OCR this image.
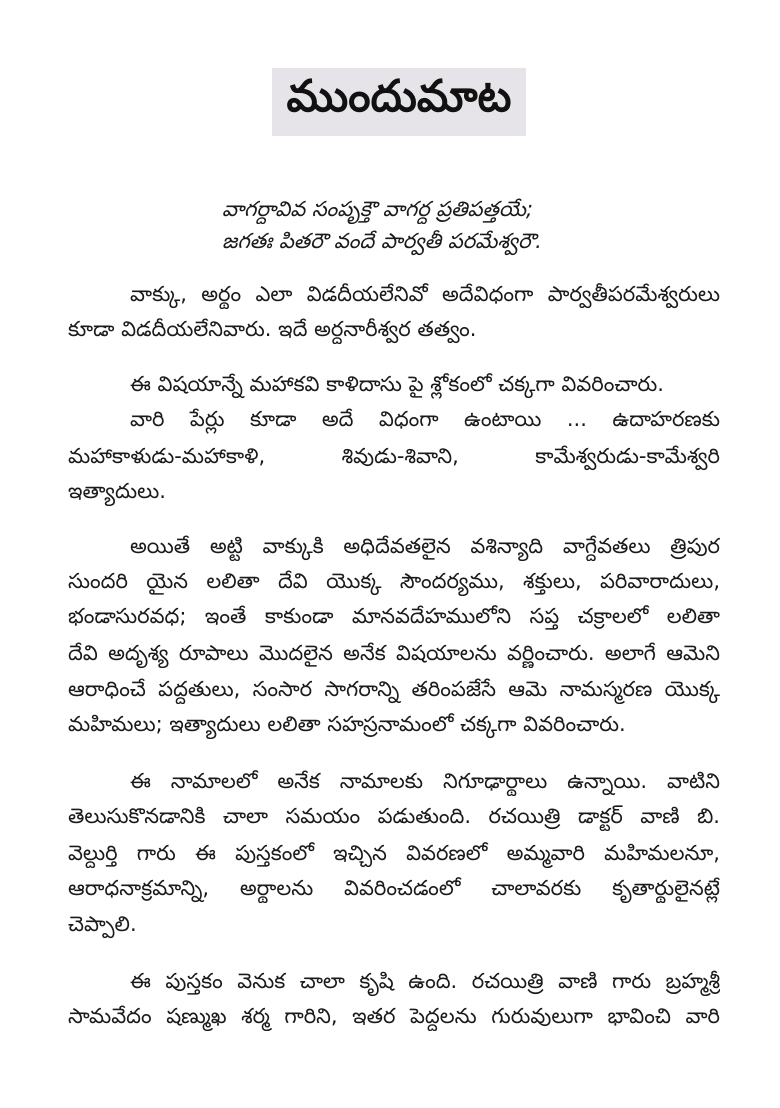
ముందుమాట
వాగర్ధావివ సంపృక్తౌ వాగర్ధ ప్రతిపత్తయే;
జగతః పితరౌ వందే పార్వతీ పరమేశ్వరౌ.
వాక్కు, అర్థం ఎలా విడదీయలేనివో అదేవిధంగా పార్వతీపరమేశ్వరులు
కూడా విడదీయలేనివారు. ఇదే అర్ధనారీశ్వర తత్వం.
ఈ విషయాన్నే మహాకవి కాళిదాసు పై శ్లోకంలో చక్కగా వివరించారు.
వారి పేర్లు కూడా అదే విధంగా ఉంటాయి ... ఉదాహరణకు
మహాకాళుడు-మహాకాళి, శివుడు-శివాని, కామేశ్వరుడు-కామేశ్వరి
ఇత్యాదులు.
అయితే అట్టి వాక్కుకి అధిదేవతలైన వశిన్యాది వాగ్దేవతలు త్రిపుర
సుందరి యైన లలితా దేవి యొక్క సౌందర్యము, శక్తులు, పరివారాదులు,
భండాసురవధ; ఇంతే కాకుండా మానవదేహములోని సప్త చక్రాలలో లలితా
దేవి అదృశ్య రూపాలు మొదలైన అనేక విషయాలను వర్ణించారు. అలాగే ఆమెని
ఆరాధించే పద్ధతులు, సంసార సాగరాన్ని తరింపజేసే ఆమె నామస్మరణ యొక్క
మహిమలు; ఇత్యాదులు లలితా సహస్రనామంలో చక్కగా వివరించారు.
ఈ నామాలలో అనేక నామాలకు నిగూఢార్థాలు ఉన్నాయి. వాటిని
తెలుసుకొనడానికి చాలా సమయం పడుతుంది. రచయిత్రి డాక్టర్ వాణి బి.
వెల్దుర్తి గారు ఈ పుస్తకంలో ఇచ్చిన వివరణలో అమ్మవారి మహిమలనూ,
ఆరాధనాక్రమాన్ని, అర్థాలను వివరించడంలో చాలావరకు కృతార్థులైనట్లే
చెప్పాలి.
ఈ పుస్తకం వెనుక చాలా కృషి ఉంది. రచయిత్రి వాణి గారు బ్రహ్మశ్రీ
సామవేదం షణ్ముఖ శర్మ గారిని, ఇతర పెద్దలను గురువులుగా భావించి వారి
